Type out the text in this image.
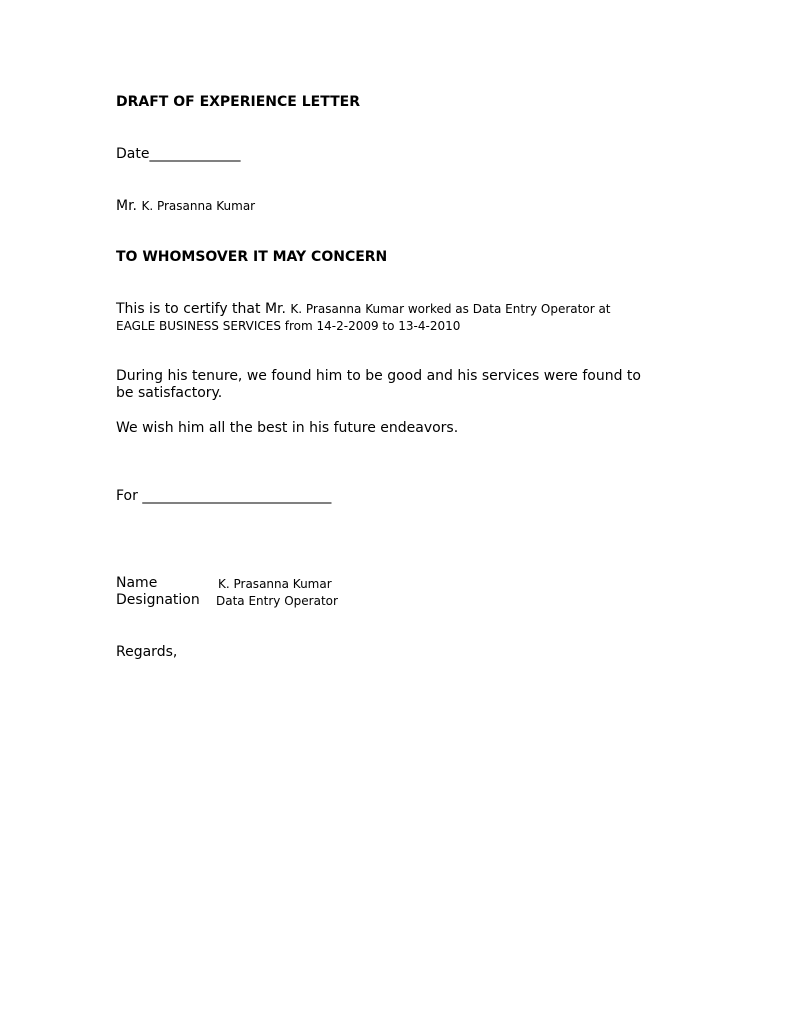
DRAFT OF EXPERIENCE LETTER
Date_____________
Mr. K. Prasanna Kumar
TO WHOMSOVER IT MAY CONCERN
This is to certify that Mr. K. Prasanna Kumar worked as Data Entry Operator at
EAGLE BUSINESS SERVICES from 14-2-2009 to 13-4-2010
During his tenure, we found him to be good and his services were found to
be satisfactory.
We wish him all the best in his future endeavors.
For ___________________________
Name	K. Prasanna Kumar
Designation Data Entry Operator
Regards,
